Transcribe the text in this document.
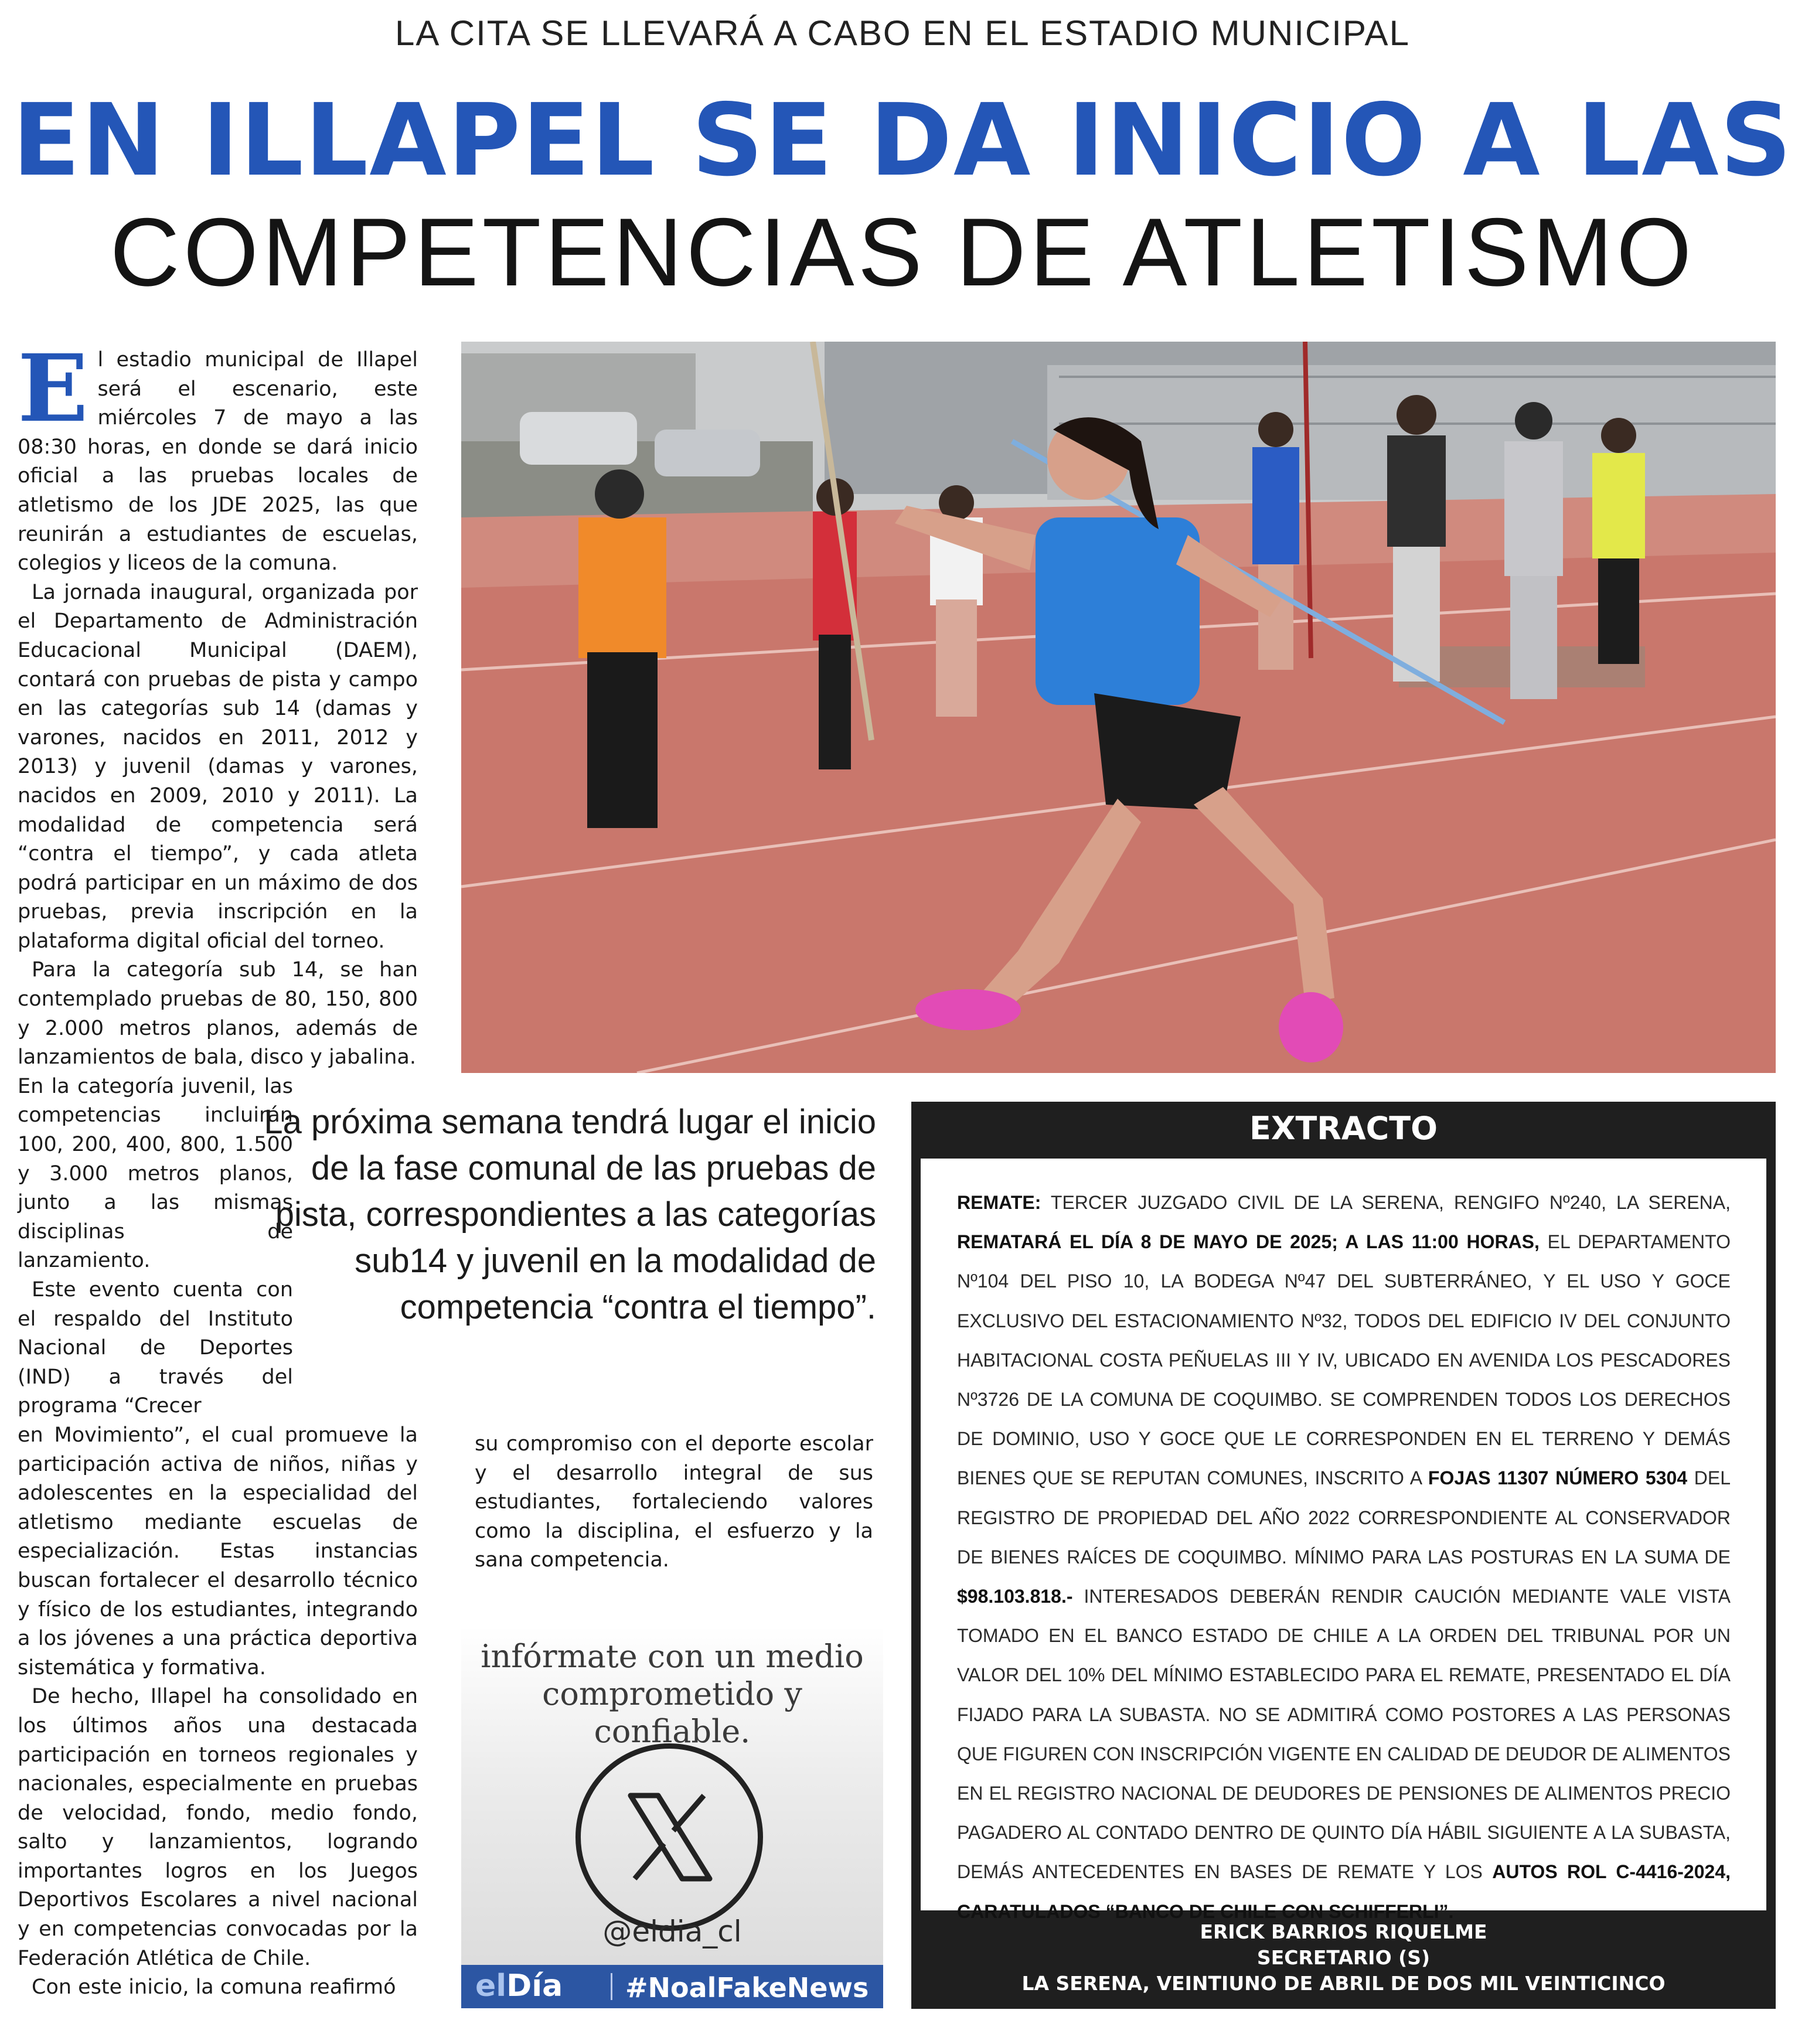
LA CITA SE LLEVARÁ A CABO EN EL ESTADIO MUNICIPAL
EN ILLAPEL SE DA INICIO A LAS
COMPETENCIAS DE ATLETISMO

El estadio municipal de Illapel será el escenario, este miércoles 7 de mayo a las 08:30 horas, en donde se dará inicio oficial a las pruebas locales de atletismo de los JDE 2025, las que reunirán a estudiantes de escuelas, colegios y liceos de la comuna.

La jornada inaugural, organizada por el Departamento de Administración Educacional Municipal (DAEM), contará con pruebas de pista y campo en las categorías sub 14 (damas y varones, nacidos en 2011, 2012 y 2013) y juvenil (damas y varones, nacidos en 2009, 2010 y 2011). La modalidad de competencia será “contra el tiempo”, y cada atleta podrá participar en un máximo de dos pruebas, previa inscripción en la plataforma digital oficial del torneo.

Para la categoría sub 14, se han contemplado pruebas de 80, 150, 800 y 2.000 metros planos, además de lanzamientos de bala, disco y jabalina.

En la categoría juvenil, las competencias incluirán 100, 200, 400, 800, 1.500 y 3.000 metros planos, junto a las mismas disciplinas de lanzamiento.

Este evento cuenta con el respaldo del Instituto Nacional de Deportes (IND) a través del programa “Crecer

en Movimiento”, el cual promueve la participación activa de niños, niñas y adolescentes en la especialidad del atletismo mediante escuelas de especialización. Estas instancias buscan fortalecer el desarrollo técnico y físico de los estudiantes, integrando a los jóvenes a una práctica deportiva sistemática y formativa.

De hecho, Illapel ha consolidado en los últimos años una destacada participación en torneos regionales y nacionales, especialmente en pruebas de velocidad, fondo, medio fondo, salto y lanzamientos, logrando importantes logros en los Juegos Deportivos Escolares a nivel nacional y en competencias convocadas por la Federación Atlética de Chile.

Con este inicio, la comuna reafirmó

su compromiso con el deporte escolar y el desarrollo integral de sus estudiantes, fortaleciendo valores como la disciplina, el esfuerzo y la sana competencia.

La próxima semana tendrá lugar el inicio de la fase comunal de las pruebas de pista, correspondientes a las categorías sub14 y juvenil en la modalidad de competencia “contra el tiempo”.
infórmate con un medio
comprometido y confiable.
@eldia_cl
elDía #NoalFakeNews
EXTRACTO
REMATE: TERCER JUZGADO CIVIL DE LA SERENA, RENGIFO Nº240, LA SERENA, REMATARÁ EL DÍA 8 DE MAYO DE 2025; A LAS 11:00 HORAS, EL DEPARTAMENTO Nº104 DEL PISO 10, LA BODEGA Nº47 DEL SUBTERRÁNEO, Y EL USO Y GOCE EXCLUSIVO DEL ESTACIONAMIENTO Nº32, TODOS DEL EDIFICIO IV DEL CONJUNTO HABITACIONAL COSTA PEÑUELAS III Y IV, UBICADO EN AVENIDA LOS PESCADORES Nº3726 DE LA COMUNA DE COQUIMBO. SE COMPRENDEN TODOS LOS DERECHOS DE DOMINIO, USO Y GOCE QUE LE CORRESPONDEN EN EL TERRENO Y DEMÁS BIENES QUE SE REPUTAN COMUNES, INSCRITO A FOJAS 11307 NÚMERO 5304 DEL REGISTRO DE PROPIEDAD DEL AÑO 2022 CORRESPONDIENTE AL CONSERVADOR DE BIENES RAÍCES DE COQUIMBO. MÍNIMO PARA LAS POSTURAS EN LA SUMA DE $98.103.818.- INTERESADOS DEBERÁN RENDIR CAUCIÓN MEDIANTE VALE VISTA TOMADO EN EL BANCO ESTADO DE CHILE A LA ORDEN DEL TRIBUNAL POR UN VALOR DEL 10% DEL MÍNIMO ESTABLECIDO PARA EL REMATE, PRESENTADO EL DÍA FIJADO PARA LA SUBASTA. NO SE ADMITIRÁ COMO POSTORES A LAS PERSONAS QUE FIGUREN CON INSCRIPCIÓN VIGENTE EN CALIDAD DE DEUDOR DE ALIMENTOS EN EL REGISTRO NACIONAL DE DEUDORES DE PENSIONES DE ALIMENTOS PRECIO PAGADERO AL CONTADO DENTRO DE QUINTO DÍA HÁBIL SIGUIENTE A LA SUBASTA, DEMÁS ANTECEDENTES EN BASES DE REMATE Y LOS AUTOS ROL C-4416-2024, CARATULADOS “BANCO DE CHILE CON SCHIFFERLI”.
ERICK BARRIOS RIQUELME
SECRETARIO (S)
LA SERENA, VEINTIUNO DE ABRIL DE DOS MIL VEINTICINCO
